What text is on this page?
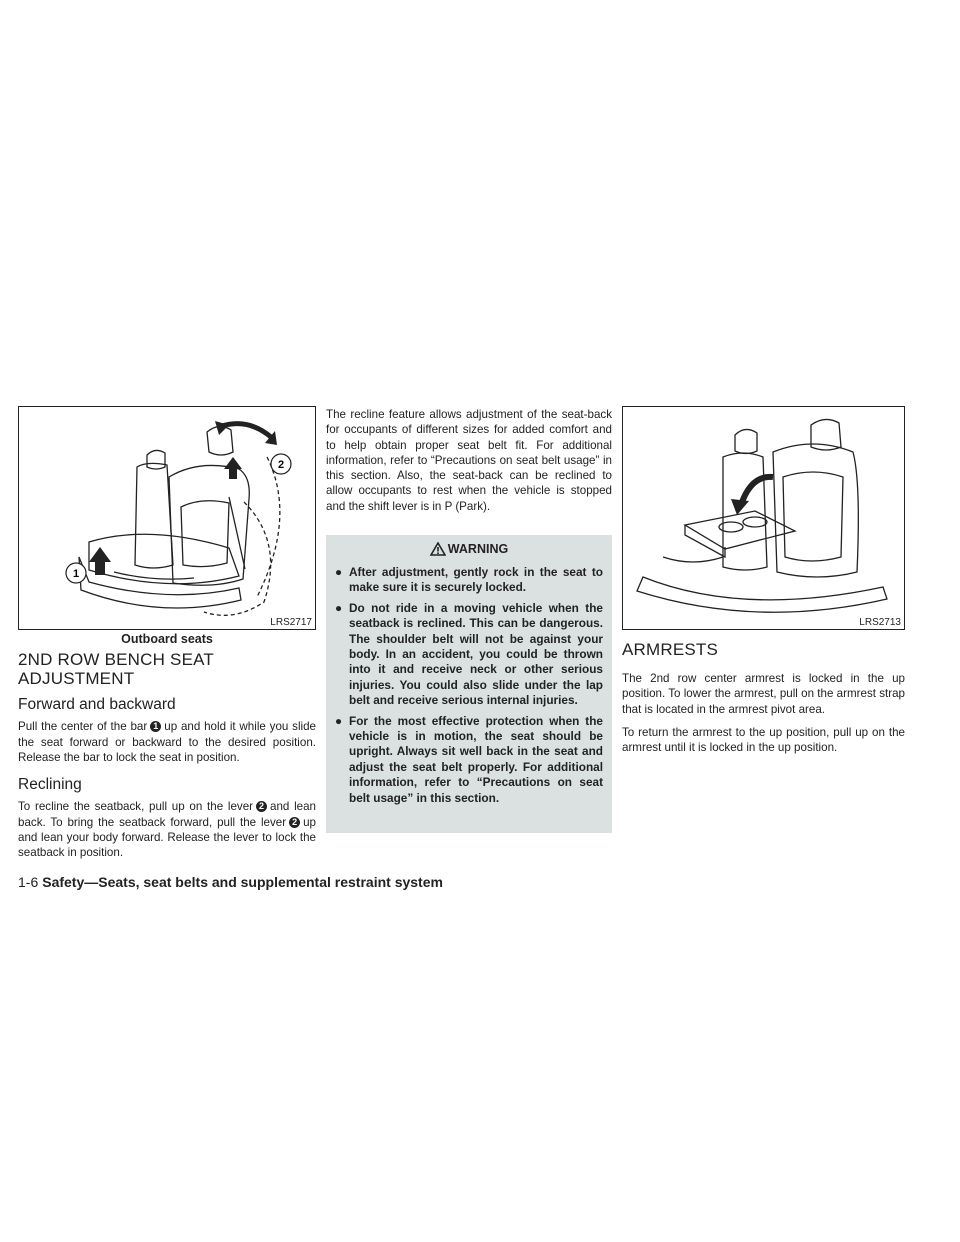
2
1
LRS2717
Outboard seats
2ND ROW BENCH SEAT ADJUSTMENT
Forward and backward

Pull the center of the bar 1 up and hold it while you slide the seat forward or backward to the desired position. Release the bar to lock the seat in position.

Reclining

To recline the seatback, pull up on the lever 2 and lean back. To bring the seatback forward, pull the lever 2 up and lean your body forward. Release the lever to lock the seatback in position.

The recline feature allows adjustment of the seat-back for occupants of different sizes for added comfort and to help obtain proper seat belt fit. For additional information, refer to “Precautions on seat belt usage” in this section. Also, the seat-back can be reclined to allow occupants to rest when the vehicle is stopped and the shift lever is in P (Park).

WARNING
● After adjustment, gently rock in the seat to make sure it is securely locked.
● Do not ride in a moving vehicle when the seatback is reclined. This can be dangerous. The shoulder belt will not be against your body. In an accident, you could be thrown into it and receive neck or other serious injuries. You could also slide under the lap belt and receive serious internal injuries.
● For the most effective protection when the vehicle is in motion, the seat should be upright. Always sit well back in the seat and adjust the seat belt properly. For additional information, refer to “Precautions on seat belt usage” in this section.
LRS2713
ARMRESTS

The 2nd row center armrest is locked in the up position. To lower the armrest, pull on the armrest strap that is located in the armrest pivot area.

To return the armrest to the up position, pull up on the armrest until it is locked in the up position.

1-6 Safety—Seats, seat belts and supplemental restraint system
